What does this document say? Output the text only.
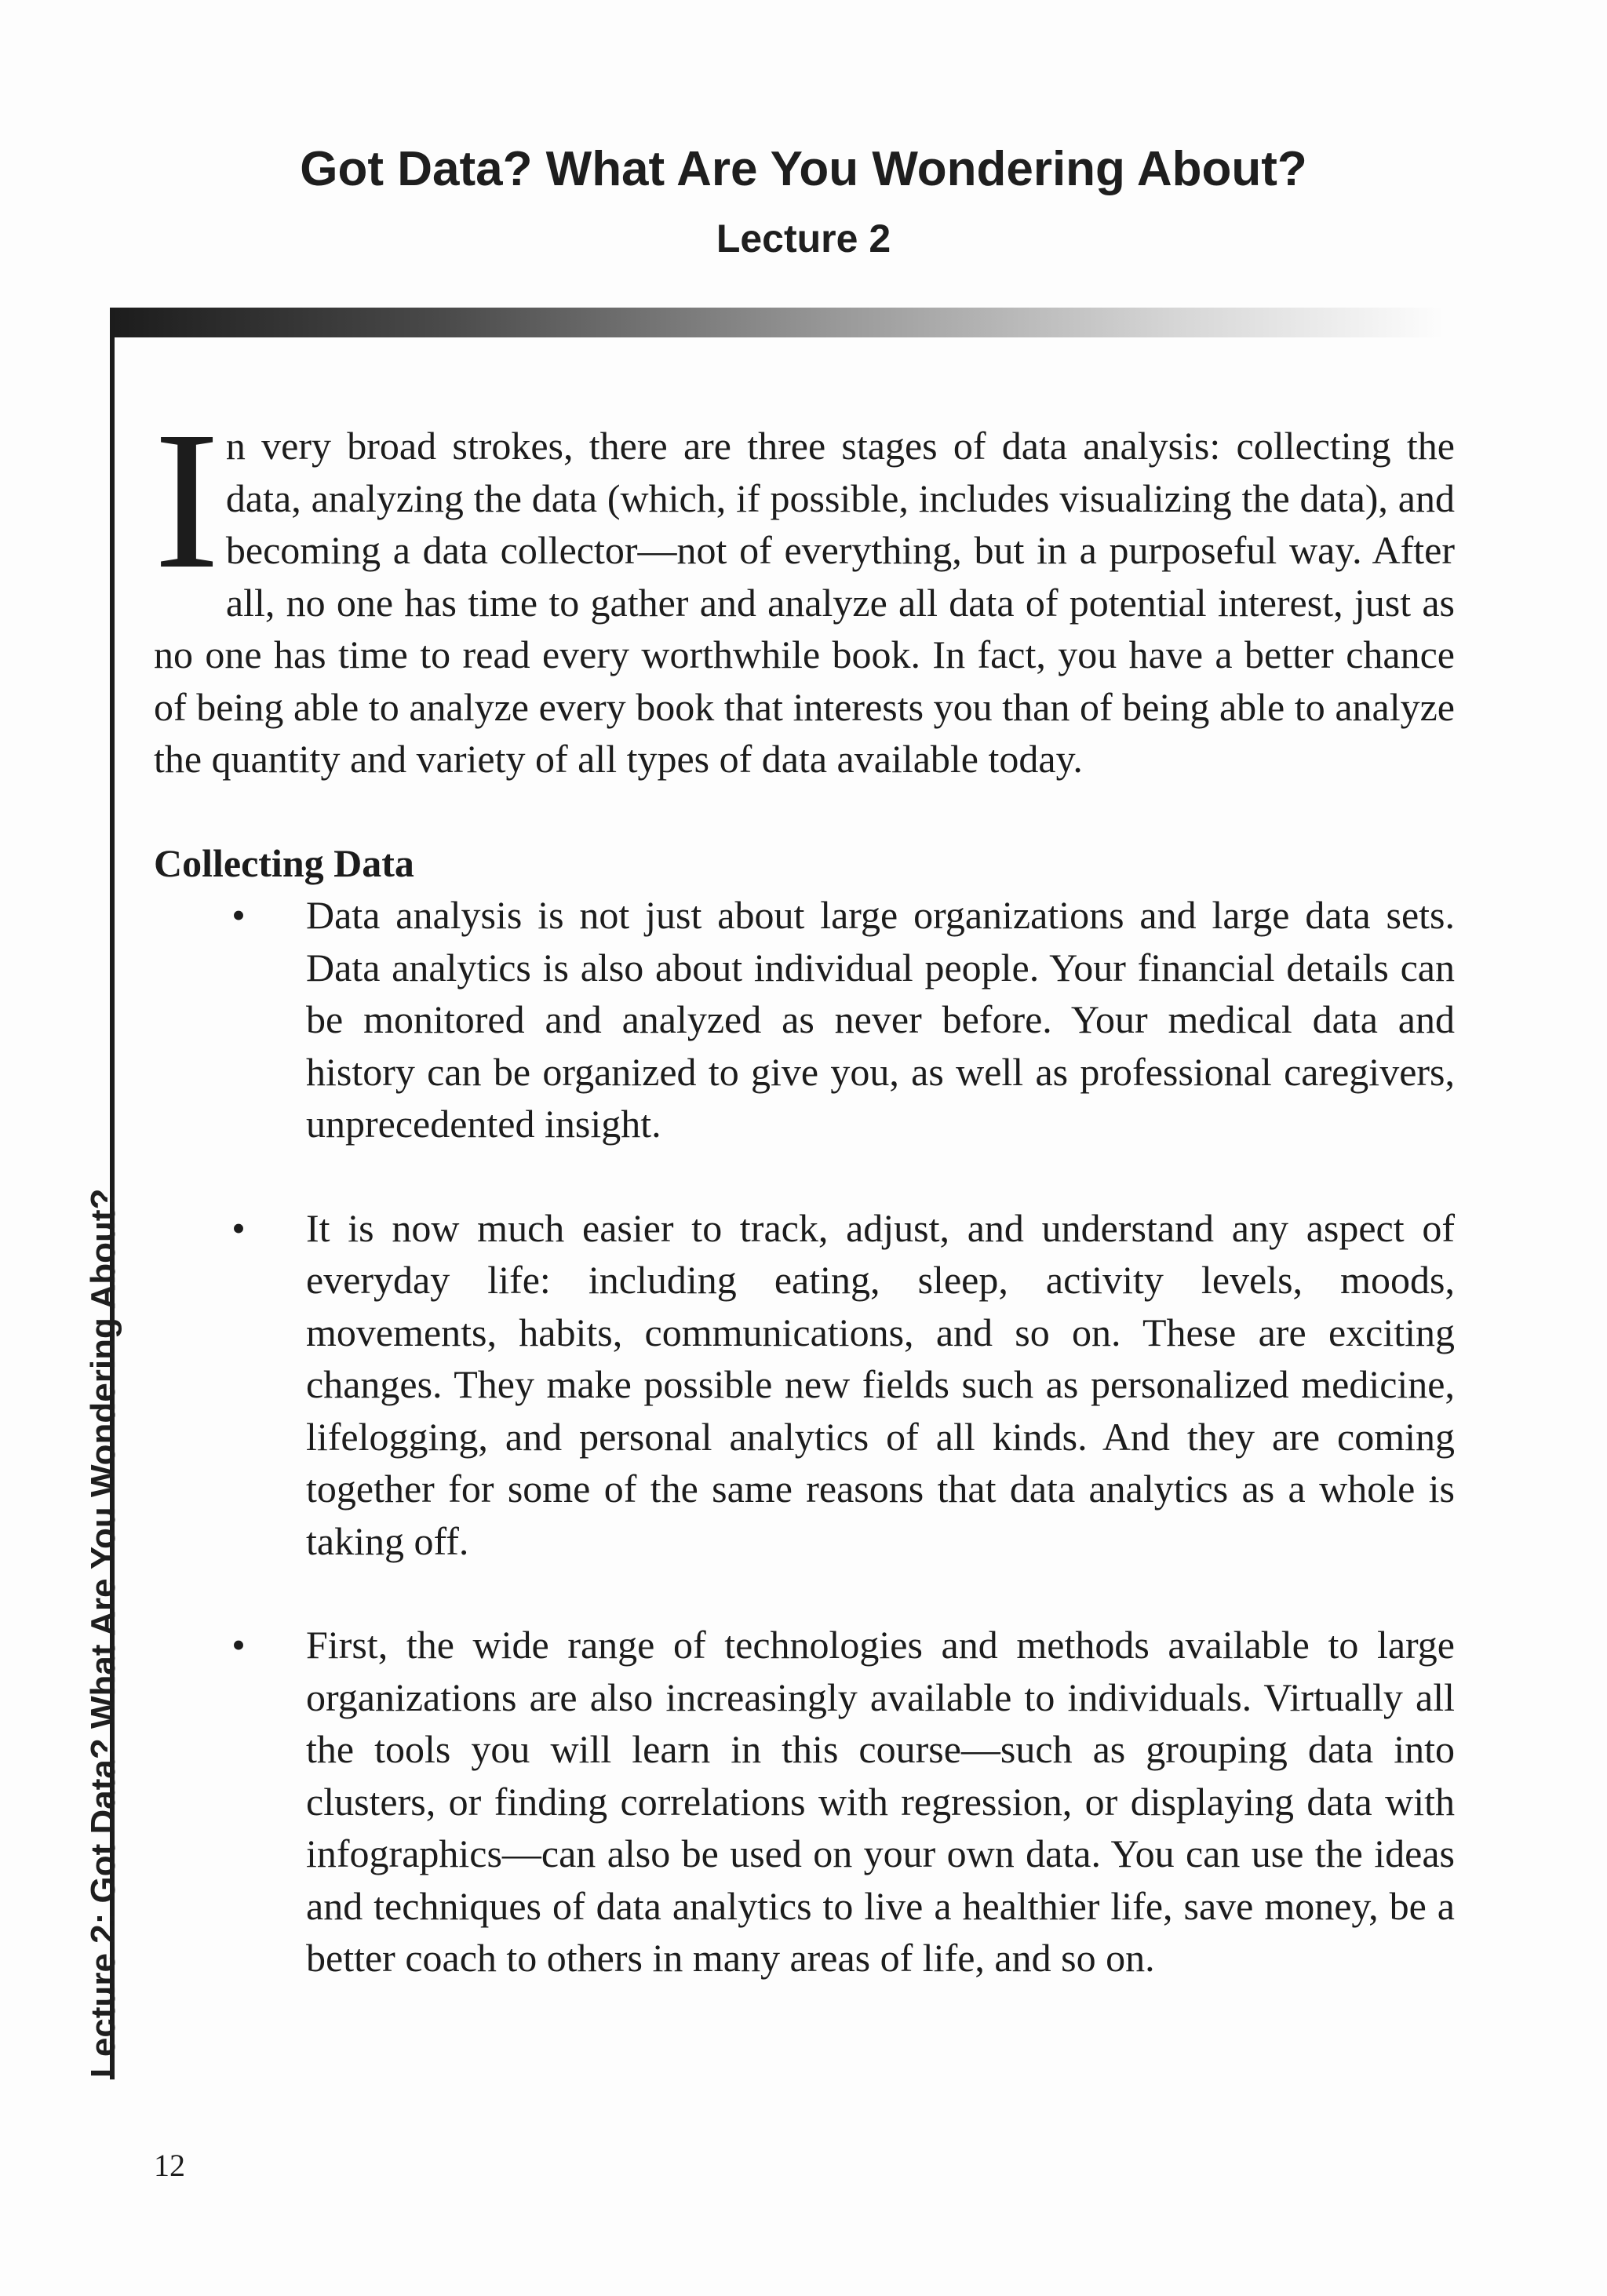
Got Data? What Are You Wondering About?
Lecture 2
Lecture 2: Got Data? What Are You Wondering About?

In very broad strokes, there are three stages of data analysis: collecting the data, analyzing the data (which, if possible, includes visualizing the data), and becoming a data collector—not of everything, but in a purposeful way. After all, no one has time to gather and analyze all data of potential interest, just as no one has time to read every worthwhile book. In fact, you have a better chance of being able to analyze every book that interests you than of being able to analyze the quantity and variety of all types of data available today.

Collecting Data

• Data analysis is not just about large organizations and large data sets. Data analytics is also about individual people. Your financial details can be monitored and analyzed as never before. Your medical data and history can be organized to give you, as well as professional caregivers, unprecedented insight.
• It is now much easier to track, adjust, and understand any aspect of everyday life: including eating, sleep, activity levels, moods, movements, habits, communications, and so on. These are exciting changes. They make possible new fields such as personalized medicine, lifelogging, and personal analytics of all kinds. And they are coming together for some of the same reasons that data analytics as a whole is taking off.
• First, the wide range of technologies and methods available to large organizations are also increasingly available to individuals. Virtually all the tools you will learn in this course—such as grouping data into clusters, or finding correlations with regression, or displaying data with infographics—can also be used on your own data. You can use the ideas and techniques of data analytics to live a healthier life, save money, be a better coach to others in many areas of life, and so on.
12
